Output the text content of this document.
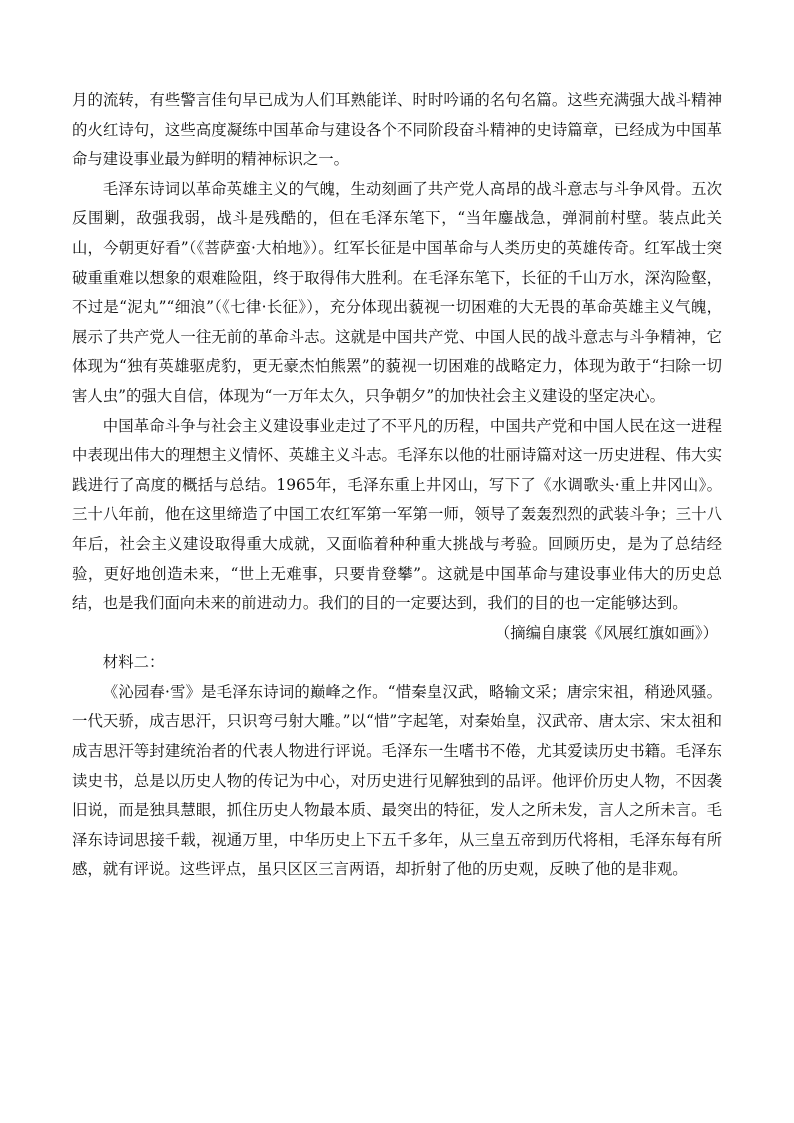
月的流转，有些警言佳句早已成为人们耳熟能详、时时吟诵的名句名篇。这些充满强大战斗精神的火红诗句，这些高度凝练中国革命与建设各个不同阶段奋斗精神的史诗篇章，已经成为中国革命与建设事业最为鲜明的精神标识之一。

毛泽东诗词以革命英雄主义的气魄，生动刻画了共产党人高昂的战斗意志与斗争风骨。五次反围剿，敌强我弱，战斗是残酷的，但在毛泽东笔下，“当年鏖战急，弹洞前村壁。装点此关山，今朝更好看”（《菩萨蛮·大柏地》）。红军长征是中国革命与人类历史的英雄传奇。红军战士突破重重难以想象的艰难险阻，终于取得伟大胜利。在毛泽东笔下，长征的千山万水，深沟险壑，不过是“泥丸”“细浪”（《七律·长征》），充分体现出藐视一切困难的大无畏的革命英雄主义气魄，展示了共产党人一往无前的革命斗志。这就是中国共产党、中国人民的战斗意志与斗争精神，它体现为“独有英雄驱虎豹，更无豪杰怕熊罴”的藐视一切困难的战略定力，体现为敢于“扫除一切害人虫”的强大自信，体现为“一万年太久，只争朝夕”的加快社会主义建设的坚定决心。

中国革命斗争与社会主义建设事业走过了不平凡的历程，中国共产党和中国人民在这一进程中表现出伟大的理想主义情怀、英雄主义斗志。毛泽东以他的壮丽诗篇对这一历史进程、伟大实践进行了高度的概括与总结。1965年，毛泽东重上井冈山，写下了《水调歌头·重上井冈山》。三十八年前，他在这里缔造了中国工农红军第一军第一师，领导了轰轰烈烈的武装斗争；三十八年后，社会主义建设取得重大成就，又面临着种种重大挑战与考验。回顾历史，是为了总结经验，更好地创造未来，“世上无难事，只要肯登攀”。这就是中国革命与建设事业伟大的历史总结，也是我们面向未来的前进动力。我们的目的一定要达到，我们的目的也一定能够达到。

（摘编自康裳《风展红旗如画》）

材料二：

《沁园春·雪》是毛泽东诗词的巅峰之作。“惜秦皇汉武，略输文采；唐宗宋祖，稍逊风骚。一代天骄，成吉思汗，只识弯弓射大雕。”以“惜”字起笔，对秦始皇，汉武帝、唐太宗、宋太祖和成吉思汗等封建统治者的代表人物进行评说。毛泽东一生嗜书不倦，尤其爱读历史书籍。毛泽东读史书，总是以历史人物的传记为中心，对历史进行见解独到的品评。他评价历史人物，不因袭旧说，而是独具慧眼，抓住历史人物最本质、最突出的特征，发人之所未发，言人之所未言。毛泽东诗词思接千载，视通万里，中华历史上下五千多年，从三皇五帝到历代将相，毛泽东每有所感，就有评说。这些评点，虽只区区三言两语，却折射了他的历史观，反映了他的是非观。
